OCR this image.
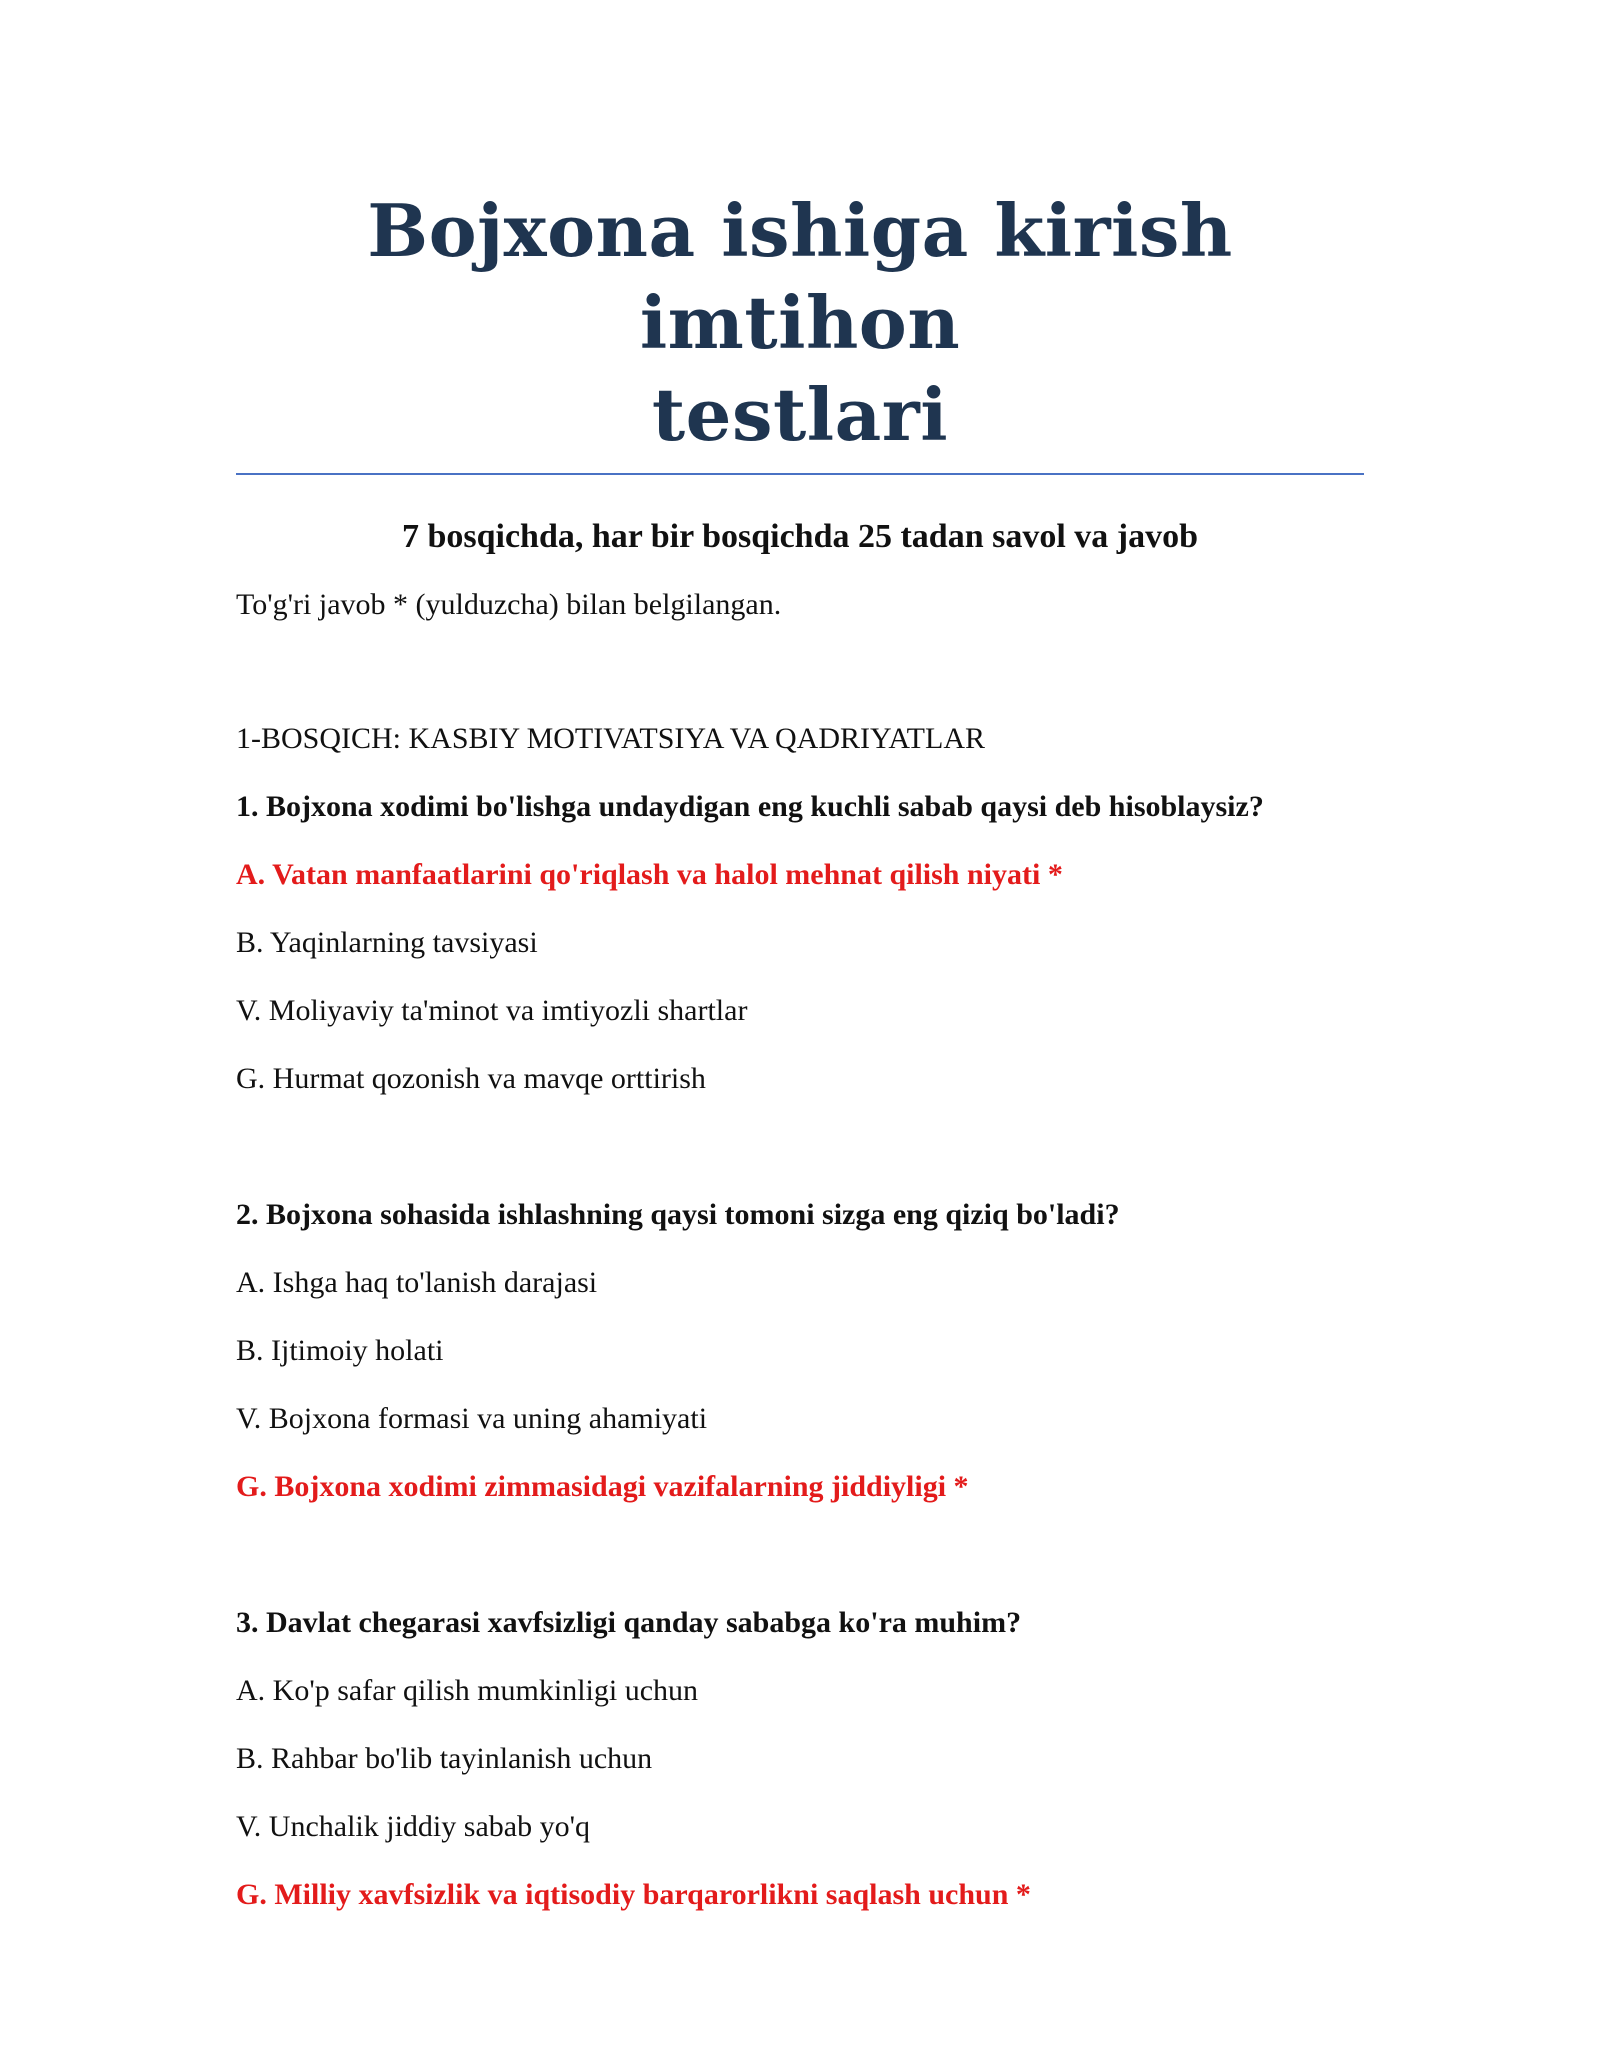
Bojxona ishiga kirish imtihon
testlari
7 bosqichda, har bir bosqichda 25 tadan savol va javob
To'g'ri javob * (yulduzcha) bilan belgilangan.
1-BOSQICH: KASBIY MOTIVATSIYA VA QADRIYATLAR
1. Bojxona xodimi bo'lishga undaydigan eng kuchli sabab qaysi deb hisoblaysiz?
A. Vatan manfaatlarini qo'riqlash va halol mehnat qilish niyati *
B. Yaqinlarning tavsiyasi
V. Moliyaviy ta'minot va imtiyozli shartlar
G. Hurmat qozonish va mavqe orttirish
2. Bojxona sohasida ishlashning qaysi tomoni sizga eng qiziq bo'ladi?
A. Ishga haq to'lanish darajasi
B. Ijtimoiy holati
V. Bojxona formasi va uning ahamiyati
G. Bojxona xodimi zimmasidagi vazifalarning jiddiyligi *
3. Davlat chegarasi xavfsizligi qanday sababga ko'ra muhim?
A. Ko'p safar qilish mumkinligi uchun
B. Rahbar bo'lib tayinlanish uchun
V. Unchalik jiddiy sabab yo'q
G. Milliy xavfsizlik va iqtisodiy barqarorlikni saqlash uchun *
